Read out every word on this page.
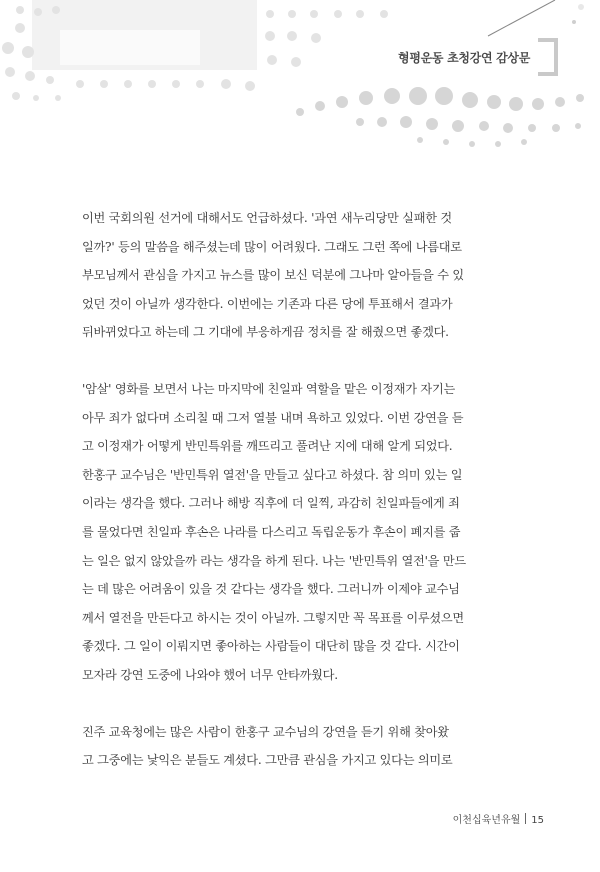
형평운동 초청강연 감상문
이번 국회의원 선거에 대해서도 언급하셨다. '과연 새누리당만 실패한 것
일까?' 등의 말씀을 해주셨는데 많이 어려웠다. 그래도 그런 쪽에 나름대로
부모님께서 관심을 가지고 뉴스를 많이 보신 덕분에 그나마 알아들을 수 있
었던 것이 아닐까 생각한다. 이번에는 기존과 다른 당에 투표해서 결과가
뒤바뀌었다고 하는데 그 기대에 부응하게끔 정치를 잘 해줬으면 좋겠다.
'암살' 영화를 보면서 나는 마지막에 친일파 역할을 맡은 이정재가 자기는
아무 죄가 없다며 소리칠 때 그저 열불 내며 욕하고 있었다. 이번 강연을 듣
고 이정재가 어떻게 반민특위를 깨뜨리고 풀려난 지에 대해 알게 되었다.
한홍구 교수님은 '반민특위 열전'을 만들고 싶다고 하셨다. 참 의미 있는 일
이라는 생각을 했다. 그러나 해방 직후에 더 일찍, 과감히 친일파들에게 죄
를 물었다면 친일파 후손은 나라를 다스리고 독립운동가 후손이 폐지를 줍
는 일은 없지 않았을까 라는 생각을 하게 된다. 나는 '반민특위 열전'을 만드
는 데 많은 어려움이 있을 것 같다는 생각을 했다. 그러니까 이제야 교수님
께서 열전을 만든다고 하시는 것이 아닐까. 그렇지만 꼭 목표를 이루셨으면
좋겠다. 그 일이 이뤄지면 좋아하는 사람들이 대단히 많을 것 같다. 시간이
모자라 강연 도중에 나와야 했어 너무 안타까웠다.
진주 교육청에는 많은 사람이 한홍구 교수님의 강연을 듣기 위해 찾아왔
고 그중에는 낯익은 분들도 계셨다. 그만큼 관심을 가지고 있다는 의미로
이천십육년유월 15
